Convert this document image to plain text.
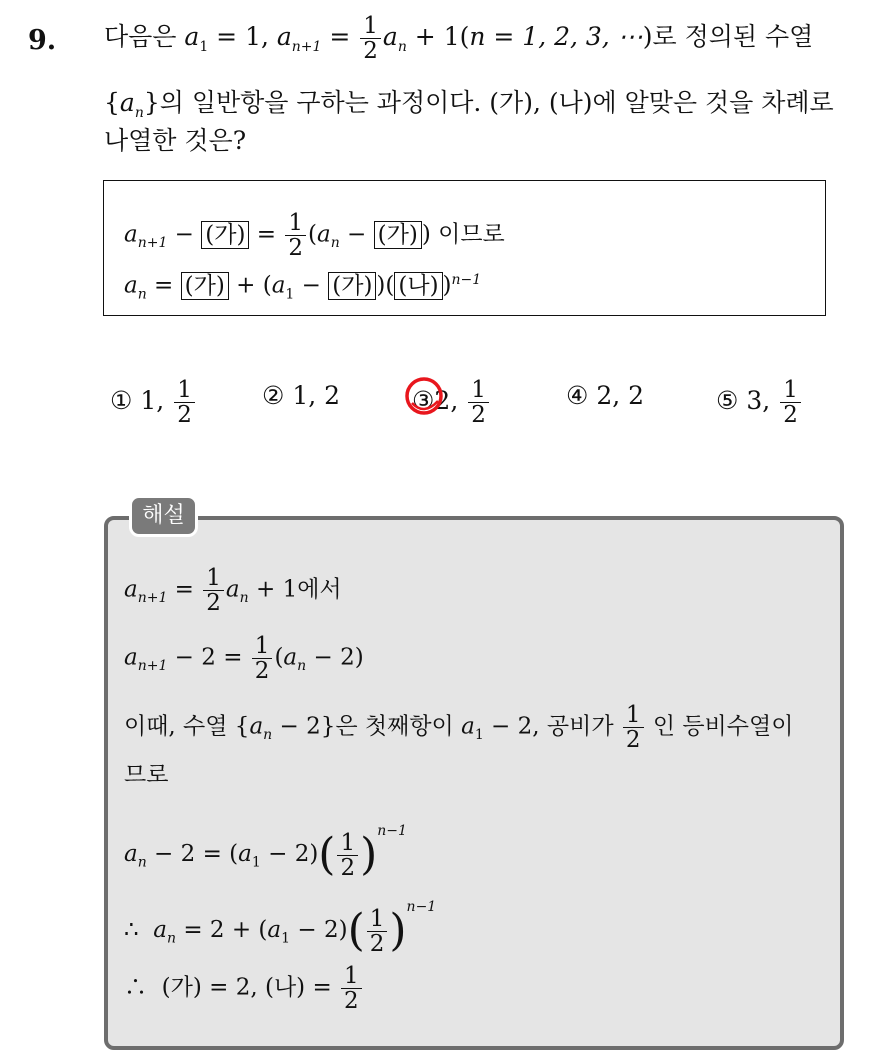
9. 다음은 $a_1 = 1$, $a_{n+1} = \frac{1}{2} a_n + 1(n = 1$, 2, 3, ⋯)로 정의된 수열
$\{a_n\}$의 일반항을 구하는 과정이다. (가), (나)에 알맞은 것을 차례로
나열한 것은?
$a_{n+1}$ − (가) = $\frac{1}{2} (a_n$ − (가) ) 이므로
$a_n$ = (가) + ($a_1$ − (가) )( (나) )$^{n-1}$
① 1, $\frac{1}{2}$	② 1, 2	③2, $\frac{1}{2}$	④ 2, 2	⑤ 3, $\frac{1}{2}$
해설
$a_{n+1} = \frac{1}{2} a_n + 1$에서
$a_{n+1} - 2 = \frac{1}{2} (a_n - 2)$
이때, 수열 $\{a_n - 2\}$은 첫째항이 $a_1 - 2$, 공비가 $\frac{1}{2}$ 인 등비수열이
므로
$a_n - 2 = (a_1 - 2)( \frac{1}{2} )^{n-1}$
∴ $a_n = 2 + (a_1 - 2)( \frac{1}{2} )^{n-1}$
∴ (가) = 2, (나) = $\frac{1}{2}$
